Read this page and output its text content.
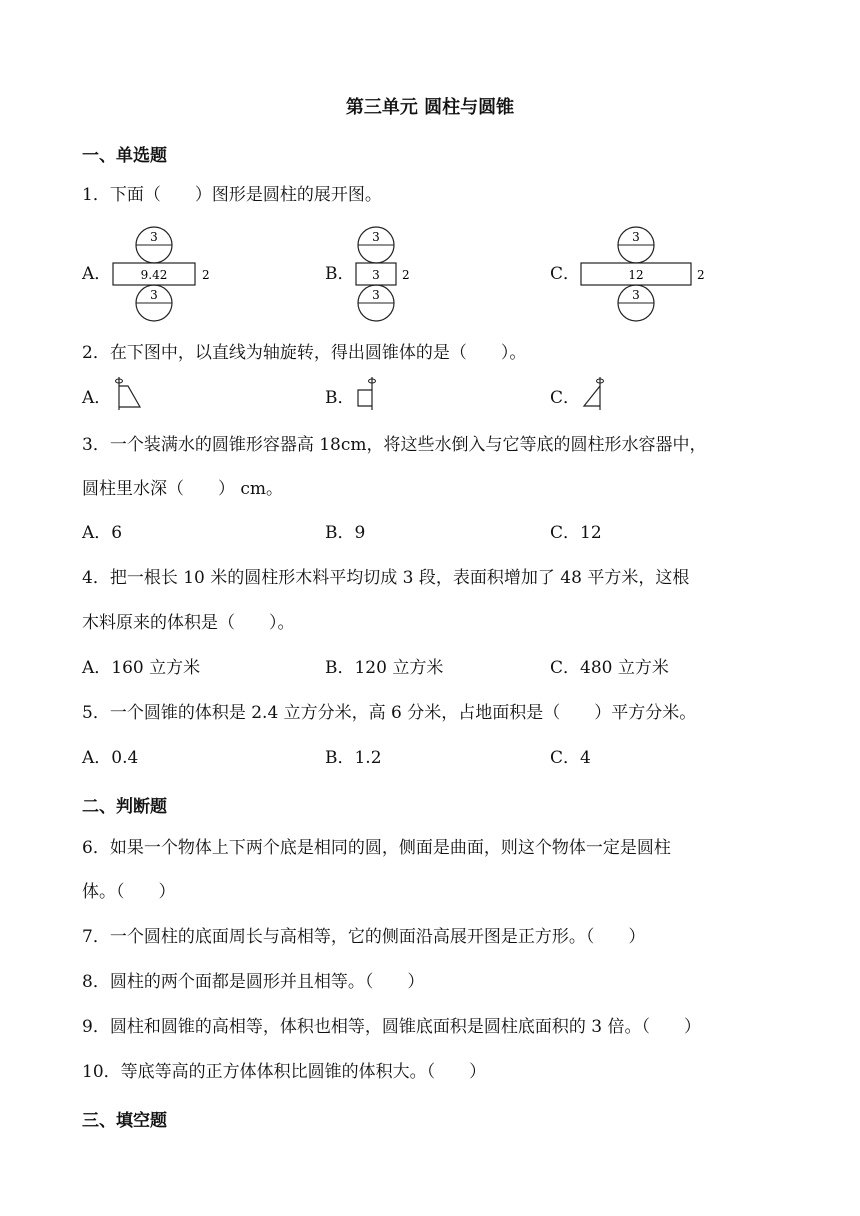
第三单元 圆柱与圆锥
一、单选题
1．下面（　　）图形是圆柱的展开图。
A．
3
9.42	2
3
B．
3
3 2
3
C．
3
12	2
3
2．在下图中，以直线为轴旋转，得出圆锥体的是（　　）。
A．	B．	C．
3．一个装满水的圆锥形容器高 18cm，将这些水倒入与它等底的圆柱形水容器中，
圆柱里水深（　　） cm。
A．6	B．9	C．12
4．把一根长 10 米的圆柱形木料平均切成 3 段，表面积增加了 48 平方米，这根
木料原来的体积是（　　）。
A．160 立方米	B．120 立方米	C．480 立方米
5．一个圆锥的体积是 2.4 立方分米，高 6 分米，占地面积是（　　）平方分米。
A．0.4	B．1.2	C．4
二、判断题
6．如果一个物体上下两个底是相同的圆，侧面是曲面，则这个物体一定是圆柱
体。（　　）
7．一个圆柱的底面周长与高相等，它的侧面沿高展开图是正方形。（　　）
8．圆柱的两个面都是圆形并且相等。（　　）
9．圆柱和圆锥的高相等，体积也相等，圆锥底面积是圆柱底面积的 3 倍。（　　）
10．等底等高的正方体体积比圆锥的体积大。（　　）
三、填空题
